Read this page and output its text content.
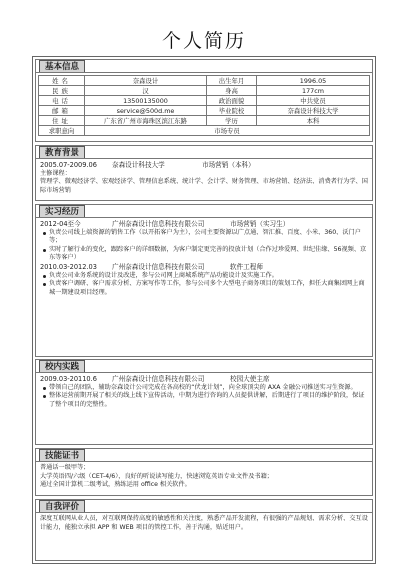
个人简历
基本信息
姓名	奈森设计	出生年月	1996.05
民族	汉	身高	177cm
电话	13500135000	政治面貌	中共党员
邮箱	service@500d.me	毕业院校	奈森设计科技大学
住址	广东省广州市海珠区滨江东路	学历	本科
求职意向	市场专员		
教育背景
2005.07-2009.06	奈森设计科技大学	市场营销（本科）
主修课程：
管理学、微观经济学、宏观经济学、管理信息系统、统计学、会计学、财务管理、市场营销、经济法、消费者行为学、国际市场营销
实习经历
2012-04至今	广州奈森设计信息科技有限公司	市场营销（实习生）
负责公司线上端资源的销售工作（以开拓客户为主），公司主要资源以广点通、智汇推、百度、小米、360、沃门户等；
实时了解行业的变化，跟踪客户的详细数据，为客户制定更完善的投放计划（合作过珍爱网、世纪佳缘、56视频、京东等客户）
2010.03-2012.03	广州奈森设计信息科技有限公司	软件工程师
负责公司业务系统的设计及改进，参与公司网上商城系统产品功能设计及实施工作。
负责客户调研、客户需求分析、方案写作等工作，参与公司多个大型电子商务项目的策划工作，担任大商集团网上商城一期建设项目经理。
校内实践
2009.03-20110.6	广州奈森设计信息科技有限公司	校园大使主席
带领自己的团队，辅助奈森设计公司完成在各高校的“伏龙计划”，向全球顶尖的 AXA 金融公司推送实习生资源。
整体运营前期开展了相关的线上线下宣传活动，中期为进行咨询的人员提供讲解，后期进行了项目的维护阶段，保证了整个项目的完整性。
技能证书
普通话一级甲等；
大学英语四/六级（CET-4/6），良好的听说读写能力，快速浏览英语专业文件及书籍；
通过全国计算机二级考试，熟练运用 office 相关软件。
自我评价
深度互联网从业人员，对互联网保持高度的敏感性和关注度，熟悉产品开发流程，有很强的产品规划、需求分析、交互设计能力，能独立承担 APP 和 WEB 项目的管控工作，善于沟通，贴近用户。
